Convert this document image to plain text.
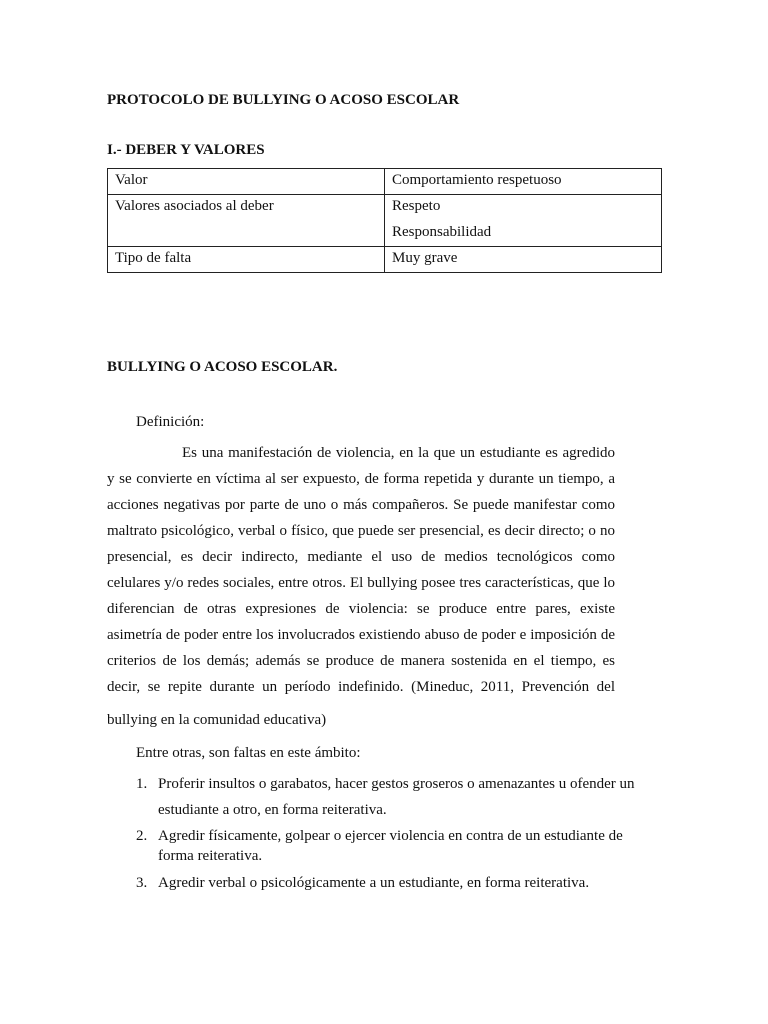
PROTOCOLO DE BULLYING O ACOSO ESCOLAR
I.- DEBER Y VALORES
Valor	Comportamiento respetuoso

Valores asociados al deber	Respeto
Responsabilidad

Tipo de falta	Muy grave
BULLYING O ACOSO ESCOLAR.
Definición:
Es una manifestación de violencia, en la que un estudiante es agredido
y se convierte en víctima al ser expuesto, de forma repetida y durante un tiempo, a
acciones negativas por parte de uno o más compañeros. Se puede manifestar como
maltrato psicológico, verbal o físico, que puede ser presencial, es decir directo; o no
presencial, es decir indirecto, mediante el uso de medios tecnológicos como
celulares y/o redes sociales, entre otros. El bullying posee tres características, que lo
diferencian de otras expresiones de violencia: se produce entre pares, existe
asimetría de poder entre los involucrados existiendo abuso de poder e imposición de
criterios de los demás; además se produce de manera sostenida en el tiempo, es
decir, se repite durante un período indefinido. (Mineduc, 2011, Prevención del
bullying en la comunidad educativa)
Entre otras, son faltas en este ámbito:
1. Proferir insultos o garabatos, hacer gestos groseros o amenazantes u ofender un estudiante a otro, en forma reiterativa.
2. Agredir físicamente, golpear o ejercer violencia en contra de un estudiante de forma reiterativa.
3. Agredir verbal o psicológicamente a un estudiante, en forma reiterativa.
